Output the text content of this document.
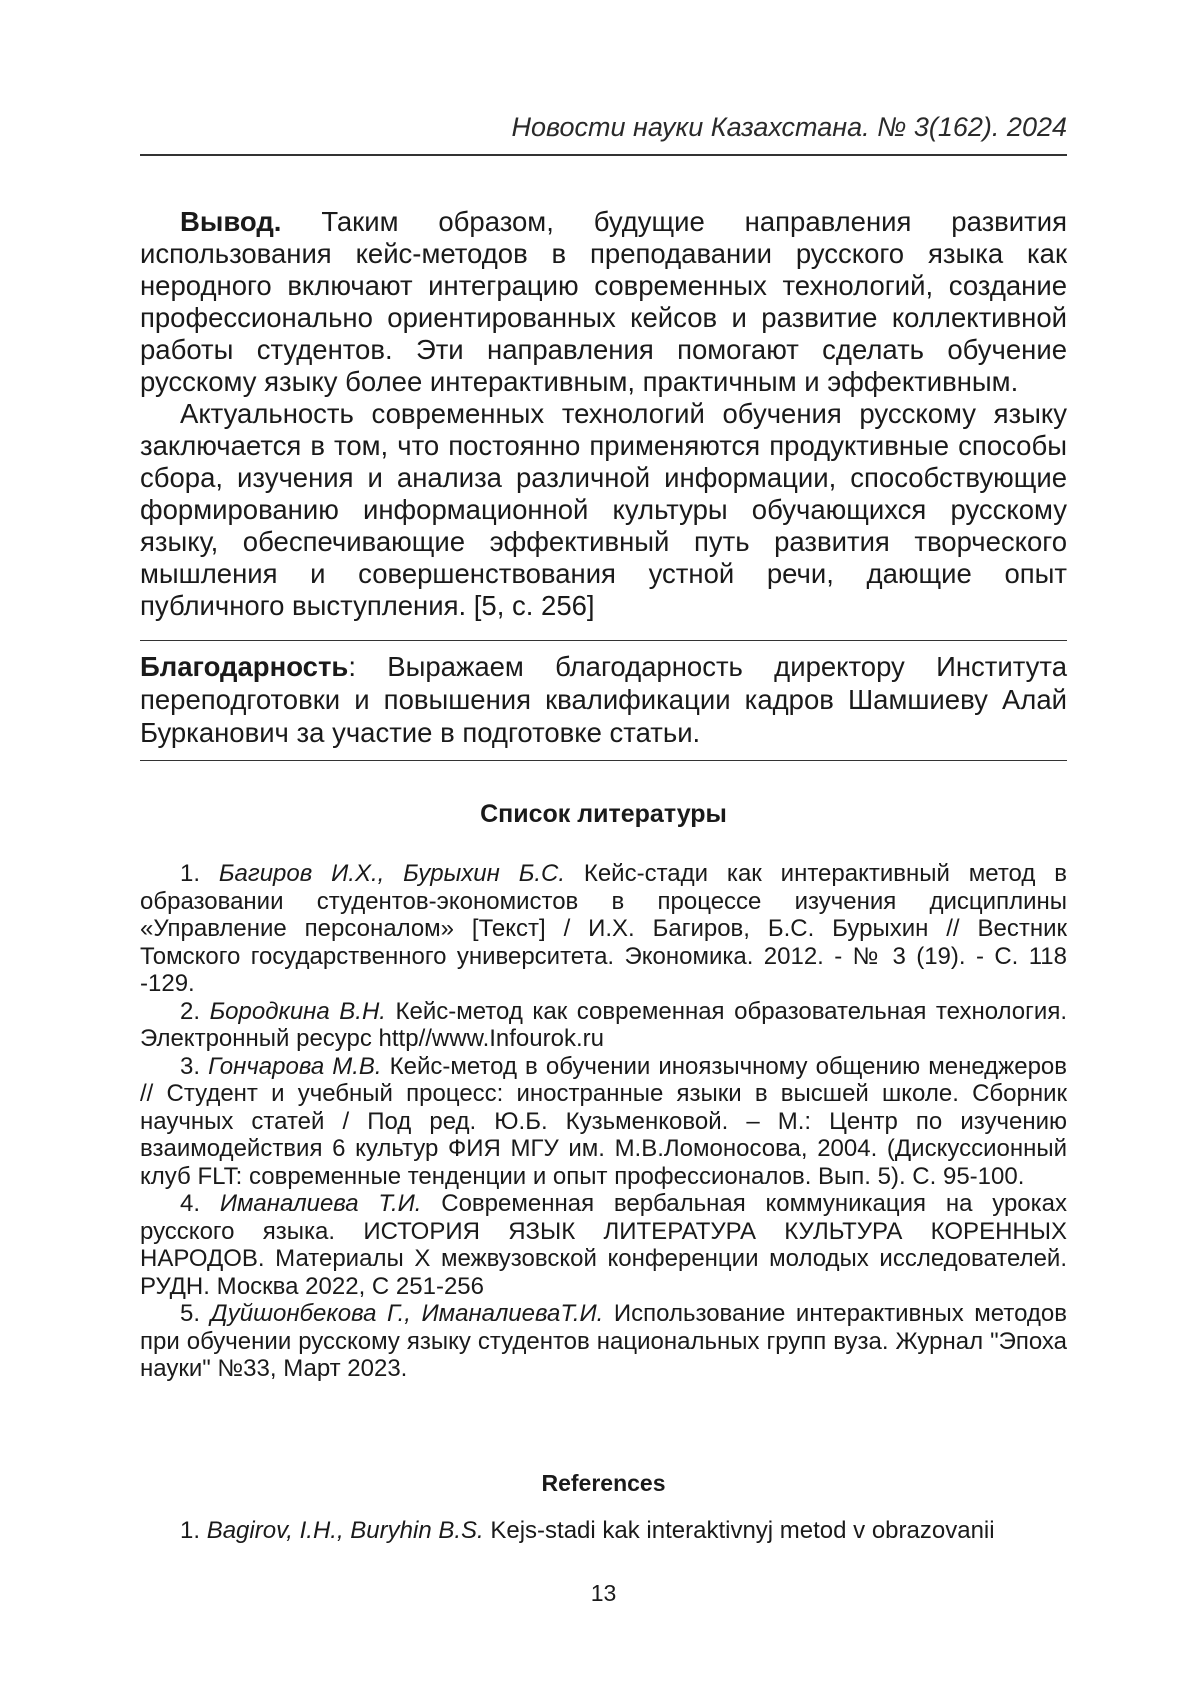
Новости науки Казахстана. № 3(162). 2024

Вывод. Таким образом, будущие направления развития использования кейс-методов в преподавании русского языка как неродного включают интеграцию современных технологий, создание профессионально ориентированных кейсов и развитие коллективной работы студентов. Эти направления помогают сделать обучение русскому языку более интерактивным, практичным и эффективным.

Актуальность современных технологий обучения русскому языку заключается в том, что постоянно применяются продуктивные способы сбора, изучения и анализа различной информации, способствующие формированию информационной культуры обучающихся русскому языку, обеспечивающие эффективный путь развития творческого мышления и совершенствования устной речи, дающие опыт публичного выступления. [5, с. 256]

Благодарность: Выражаем благодарность директору Института переподготовки и повышения квалификации кадров Шамшиеву Алай Бурканович за участие в подготовке статьи.
Список литературы

1. Багиров И.Х., Бурыхин Б.С. Кейс-стади как интерактивный метод в образовании студентов-экономистов в процессе изучения дисциплины «Управление персоналом» [Текст] / И.Х. Багиров, Б.С. Бурыхин // Вестник Томского государственного университета. Экономика. 2012. - № 3 (19). - С. 118 -129.

2. Бородкина В.Н. Кейс-метод как современная образовательная технология. Электронный ресурс http//www.Infourok.ru

3. Гончарова М.В. Кейс-метод в обучении иноязычному общению менеджеров // Студент и учебный процесс: иностранные языки в высшей школе. Сборник научных статей / Под ред. Ю.Б. Кузьменковой. – М.: Центр по изучению взаимодействия 6 культур ФИЯ МГУ им. М.В.Ломоносова, 2004. (Дискуссионный клуб FLT: современные тенденции и опыт профессионалов. Вып. 5). С. 95-100.

4. Иманалиева Т.И. Современная вербальная коммуникация на уроках русского языка. ИСТОРИЯ ЯЗЫК ЛИТЕРАТУРА КУЛЬТУРА КОРЕННЫХ НАРОДОВ. Материалы X межвузовской конференции молодых исследователей. РУДН. Москва 2022, С 251-256

5. Дуйшонбекова Г., ИманалиеваТ.И. Использование интерактивных методов при обучении русскому языку студентов национальных групп вуза. Журнал "Эпоха науки" №33, Март 2023.

References

1. Bagirov, I.H., Buryhin B.S. Kejs-stadi kak interaktivnyj metod v obrazovanii

13
